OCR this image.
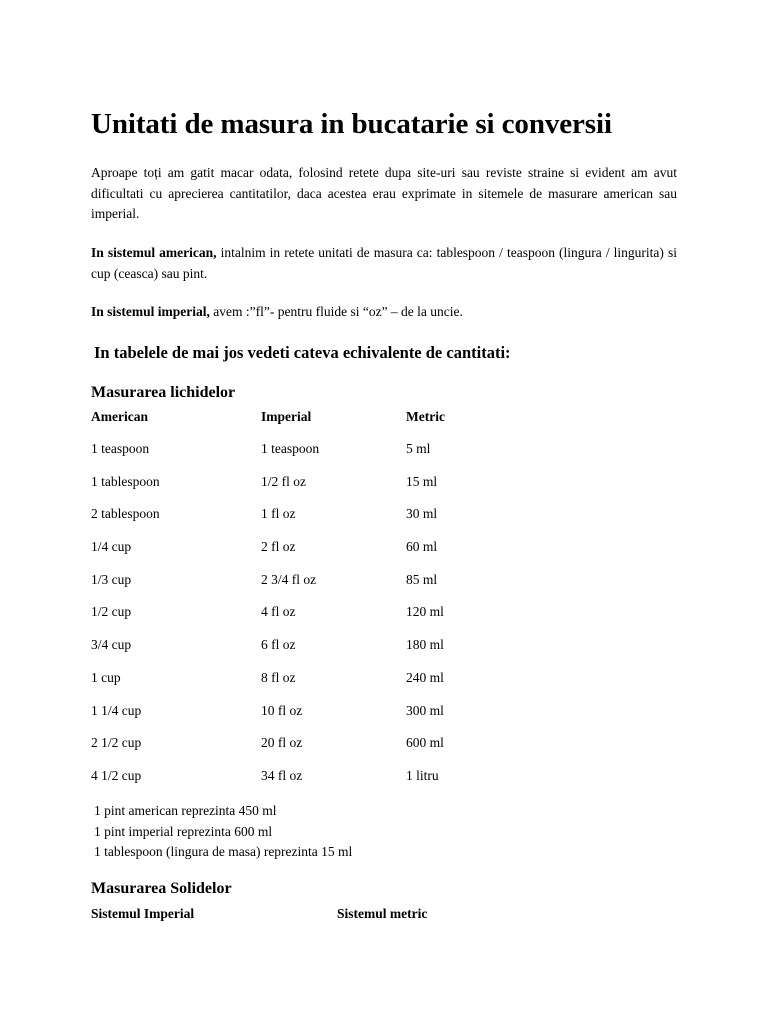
Unitati de masura in bucatarie si conversii

Aproape toți am gatit macar odata, folosind retete dupa site-uri sau reviste straine si evident am avut dificultati cu aprecierea cantitatilor, daca acestea erau exprimate in sitemele de masurare american sau imperial.

In sistemul american, intalnim in retete unitati de masura ca: tablespoon / teaspoon (lingura / lingurita) si cup (ceasca) sau pint.

In sistemul imperial, avem :”fl”- pentru fluide si “oz” – de la uncie.

In tabelele de mai jos vedeti cateva echivalente de cantitati:
Masurarea lichidelor
American	Imperial	Metric
1 teaspoon	1 teaspoon	5 ml
1 tablespoon	1/2 fl oz	15 ml
2 tablespoon	1 fl oz	30 ml
1/4 cup	2 fl oz	60 ml
1/3 cup	2 3/4 fl oz	85 ml
1/2 cup	4 fl oz	120 ml
3/4 cup	6 fl oz	180 ml
1 cup	8 fl oz	240 ml
1 1/4 cup	10 fl oz	300 ml
2 1/2 cup	20 fl oz	600 ml
4 1/2 cup	34 fl oz	1 litru
1 pint american reprezinta 450 ml
1 pint imperial reprezinta 600 ml
1 tablespoon (lingura de masa) reprezinta 15 ml
Masurarea Solidelor
Sistemul Imperial	Sistemul metric
